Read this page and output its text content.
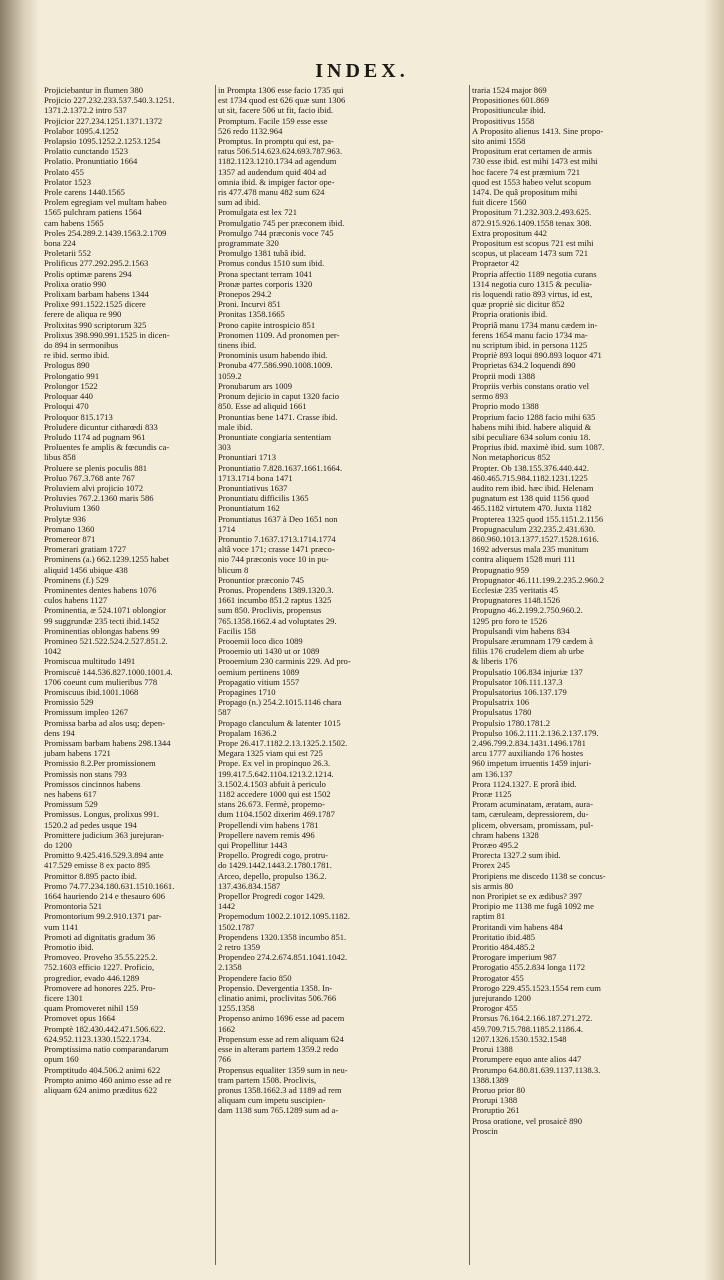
INDEX.
Projiciebantur in flumen 380
Projicio 227.232.233.537.540.3.1251.
1371.2.1372.2 intro 537
Projicior 227.234.1251.1371.1372
Prolabor 1095.4.1252
Prolapsio 1095.1252.2.1253.1254
Prolatio cunctando 1523
Prolatio. Pronuntiatio 1664
Prolato 455
Prolator 1523
Prole carens 1440.1565
Prolem egregiam vel multam habeo
1565 pulchram patiens 1564
cam habens 1565
Proles 254.289.2.1439.1563.2.1709
bona 224
Proletarii 552
Prolificus 277.292.295.2.1563
Prolis optimæ parens 294
Prolixa oratio 990
Prolixam barbam habens 1344
Prolixe 991.1522.1525 dicere
ferere de aliqua re 990
Prolixitas 990 scriptorum 325
Prolixus 398.990.991.1525 in dicen-
do 894 in sermonibus
re ibid. sermo ibid.
Prologus 890
Prolongatio 991
Prolongor 1522
Proloquar 440
Proloqui 470
Proloquor 815.1713
Proludere dicuntur citharœdi 833
Proludo 1174 ad pugnam 961
Proluentes fe amplis & fœcundis ca-
libus 858
Proluere se plenis poculis 881
Proluo 767.3.768 ante 767
Proluviem alvi projicio 1072
Proluvies 767.2.1360 maris 586
Proluvium 1360
Prolytæ 936
Promano 1360
Promereor 871
Promerari gratiam 1727
Prominens (a.) 662.1239.1255 habet
aliquid 1456 ubique 438
Prominens (f.) 529
Prominentes dentes habens 1076
culos habens 1127
Prominentia, æ 524.1071 oblongior
99 suggrundæ 235 tecti ibid.1452
Prominentias oblongas habens 99
Promineo 521.522.524.2.527.851.2.
1042
Promiscua multitudo 1491
Promiscuè 144.536.827.1000.1001.4.
1706 coeunt cum mulieribus 778
Promiscuus ibid.1001.1068
Promissio 529
Promissum impleo 1267
Promissa barba ad alos usq; depen-
dens 194
Promissam barbam habens 298.1344
jubam habens 1721
Promissio 8.2.Per promissionem
Promissis non stans 793
Promissos cincinnos habens
nes habens 617
Promissum 529
Promissus. Longus, prolixus 991.
1520.2 ad pedes usque 194
Promittere judicium 363 jurejuran-
do 1200
Promitto 9.425.416.529.3.894 ante
417.529 emisse 8 ex pacto 895
Promittor 8.895 pacto ibid.
Promo 74.77.234.180.631.1510.1661.
1664 hauriendo 214 e thesauro 606
Promontoria 521
Promontorium 99.2.910.1371 par-
vum 1141
Promoti ad dignitatis gradum 36
Promotio ibid.
Promoveo. Proveho 35.55.225.2.
752.1603 efficio 1227. Proficio,
progredior, evado 446.1289
Promovere ad honores 225. Pro-
ficere 1301
quam Promoveret nihil 159
Promovet opus 1664
Promptè 182.430.442.471.506.622.
624.952.1123.1330.1522.1734.
Promptissima natio comparandarum
opum 160
Promptitudo 404.506.2 animi 622
Prompto animo 460 animo esse ad re
aliquam 624 animo præditus 622
in Prompta 1306 esse facio 1735 qui
est 1734 quod est 626 quæ sunt 1306
ut sit, facere 506 ut fit, facio ibid.
Promptum. Facile 159 esse esse
526 redo 1132.964
Promptus. In promptu qui est, pa-
ratus 506.514.623.624.693.787.963.
1182.1123.1210.1734 ad agendum
1357 ad audendum quid 404 ad
omnia ibid. & impiger factor ope-
ris 477.478 manu 482 sum 624
sum ad ibid.
Promulgata est lex 721
Promulgatio 745 per præconem ibid.
Promulgo 744 præconis voce 745
programmate 320
Promulgo 1381 tubâ ibid.
Promus condus 1510 sum ibid.
Prona spectant terram 1041
Pronæ partes corporis 1320
Pronepos 294.2
Proni. Incurvi 851
Pronitas 1358.1665
Prono capite introspicio 851
Pronomen 1109. Ad pronomen per-
tinens ibid.
Pronominis usum habendo ibid.
Pronuba 477.586.990.1008.1009.
1059.2
Pronubarum ars 1009
Pronum dejicio in caput 1320 facio
850. Esse ad aliquid 1661
Pronuntias bene 1471. Crasse ibid.
male ibid.
Pronuntiate congiaria sententiam
303
Pronuntiari 1713
Pronuntiatio 7.828.1637.1661.1664.
1713.1714 bona 1471
Pronuntiativus 1637
Pronuntiatu difficilis 1365
Pronuntiatum 162
Pronuntiatus 1637 à Deo 1651 non
1714
Pronuntio 7.1637.1713.1714.1774
altâ voce 171; crasse 1471 præco-
nio 744 præconis voce 10 in pu-
blicum 8
Pronuntior præconio 745
Pronus. Propendens 1389.1320.3.
1661 incumbo 851.2 raptus 1325
sum 850. Proclivis, propensus
765.1358.1662.4 ad voluptates 29.
Facilis 158
Prooemii loco dico 1089
Prooemio uti 1430 ut or 1089
Prooemium 230 carminis 229. Ad pro-
oemium pertinens 1089
Propagatio vitium 1557
Propagines 1710
Propago (n.) 254.2.1015.1146 chara
587
Propago clanculum & latenter 1015
Propalam 1636.2
Prope 26.417.1182.2.13.1325.2.1502.
Megara 1325 viam qui est 725
Prope. Ex vel in propinquo 26.3.
199.417.5.642.1104.1213.2.1214.
3.1502.4.1503 abfuit à periculo
1182 accedere 1000 qui est 1502
stans 26.673. Fermè, propemo-
dum 1104.1502 dixerim 469.1787
Propellendi vim habens 1781
Propellere navem remis 496
qui Propellitur 1443
Propello. Progredi cogo, protru-
do 1429.1442.1443.2.1780.1781.
Arceo, depello, propulso 136.2.
137.436.834.1587
Propellor Progredi cogor 1429.
1442
Propemodum 1002.2.1012.1095.1182.
1502.1787
Propendens 1320.1358 incumbo 851.
2 retro 1359
Propendeo 274.2.674.851.1041.1042.
2.1358
Propendere facio 850
Propensio. Devergentia 1358. In-
clinatio animi, proclivitas 506.766
1255.1358
Propenso animo 1696 esse ad pacem
1662
Propensum esse ad rem aliquam 624
esse in alteram partem 1359.2 redo
766
Propensus equaliter 1359 sum in neu-
tram partem 1508. Proclivis,
pronus 1358.1662.3 ad 1189 ad rem
aliquam cum impetu suscipien-
dam 1138 sum 765.1289 sum ad a-
traria 1524 major 869
Propositiones 601.869
Propositiunculæ ibid.
Propositivus 1558
A Proposito alienus 1413. Sine propo-
sito animi 1558
Propositum erat certamen de armis
730 esse ibid. est mihi 1473 est mihi
hoc facere 74 est præmium 721
quod est 1553 habeo velut scopum
1474. De quâ propositum mihi
fuit dicere 1560
Propositum 71.232.303.2.493.625.
872.915.926.1409.1558 tenax 308.
Extra propositum 442
Propositum est scopus 721 est mihi
scopus, ut placeam 1473 sum 721
Propraetor 42
Propria affectio 1189 negotia curans
1314 negotia curo 1315 & peculia-
ris loquendi ratio 893 virtus, id est,
quæ propriè sic dicitur 852
Propria orationis ibid.
Propriâ manu 1734 manu cædem in-
ferens 1654 manu facio 1734 ma-
nu scriptum ibid. in persona 1125
Propriè 893 loqui 890.893 loquor 471
Proprietas 634.2 loquendi 890
Proprii modi 1388
Propriis verbis constans oratio vel
sermo 893
Proprio modo 1388
Proprium facio 1288 facio mihi 635
habens mihi ibid. habere aliquid &
sibi peculiare 634 solum coniu 18.
Proprius ibid. maximè ibid. sum 1087.
Non metaphoricus 852
Propter. Ob 138.155.376.440.442.
460.465.715.984.1182.1231.1225
audito rem ibid. hæc ibid. Helenam
pugnatum est 138 quid 1156 quod
465.1182 virtutem 470. Juxta 1182
Propterea 1325 quod 155.1151.2.1156
Propugnaculum 232.235.2.431.630.
860.960.1013.1377.1527.1528.1616.
1692 adversus mala 235 munitum
contra aliquem 1528 muri 111
Propugnatio 959
Propugnator 46.111.199.2.235.2.960.2
Ecclesiæ 235 veritatis 45
Propugnatores 1148.1526
Propugno 46.2.199.2.750.960.2.
1295 pro foro te 1526
Propulsandi vim habens 834
Propulsare ærumnam 179 cædem à
filiis 176 crudelem diem ab urbe
& liberis 176
Propulsatio 106.834 injuriæ 137
Propulsator 106.111.137.3
Propulsatorius 106.137.179
Propulsatrix 106
Propulsatus 1780
Propulsio 1780.1781.2
Propulso 106.2.111.2.136.2.137.179.
2.496.799.2.834.1431.1496.1781
arcu 1777 auxiliando 176 hostes
960 impetum irruentis 1459 injuri-
am 136.137
Prora 1124.1327. E prorâ ibid.
Proræ 1125
Proram acuminatam, æratam, aura-
tam, cæruleam, depressiorem, du-
plicem, obversam, promissam, pul-
chram habens 1328
Proræo 495.2
Prorecta 1327.2 sum ibid.
Prorex 245
Proripiens me discedo 1138 se concus-
sis armis 80
non Proripiet se ex ædibus? 397
Proripio me 1138 me fugâ 1092 me
raptim 81
Proritandi vim habens 484
Proritatio ibid.485
Proritio 484.485.2
Prorogare imperium 987
Prorogatio 455.2.834 longa 1172
Prorogator 455
Prorogo 229.455.1523.1554 rem cum
jurejurando 1200
Prorogor 455
Prorsus 76.164.2.166.187.271.272.
459.709.715.788.1185.2.1186.4.
1207.1326.1530.1532.1548
Prorui 1388
Prorumpere equo ante alios 447
Prorumpo 64.80.81.639.1137.1138.3.
1388.1389
Proruo prior 80
Prorupi 1388
Proruptio 261
Prosa oratione, vel prosaicè 890
Proscin
